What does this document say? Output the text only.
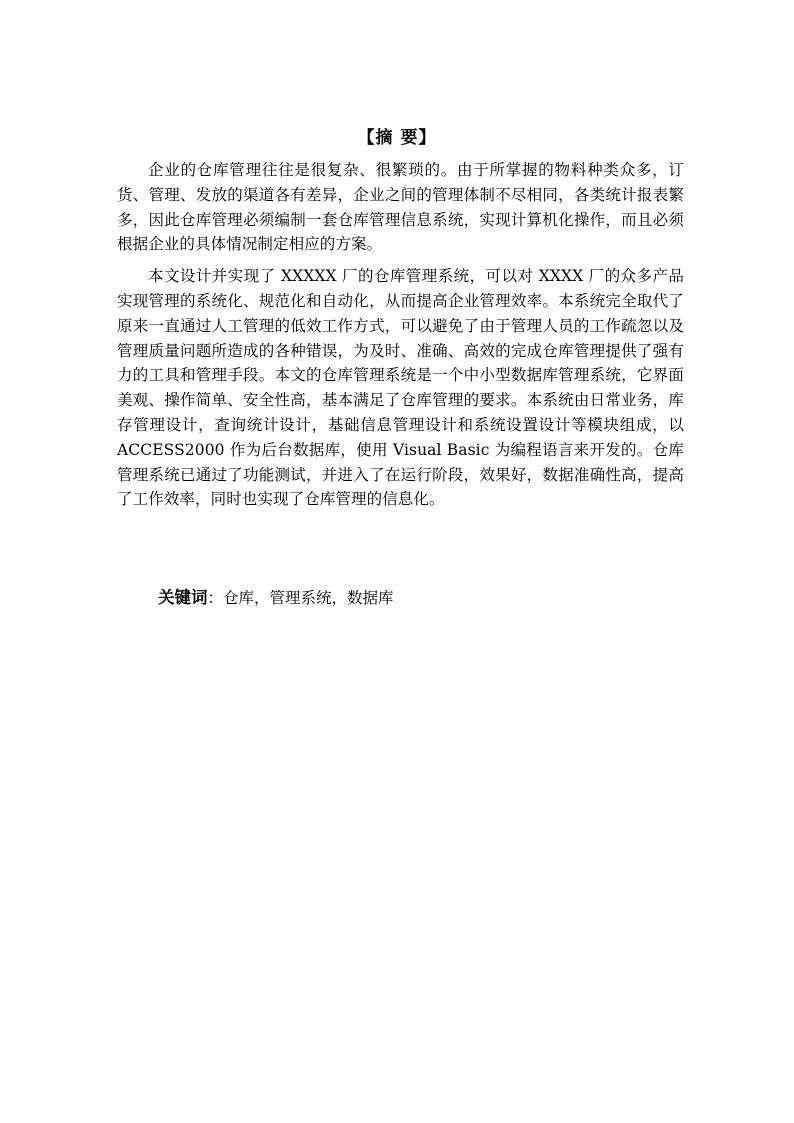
【摘 要】

企业的仓库管理往往是很复杂、很繁琐的。由于所掌握的物料种类众多，订货、管理、发放的渠道各有差异，企业之间的管理体制不尽相同，各类统计报表繁多，因此仓库管理必须编制一套仓库管理信息系统，实现计算机化操作，而且必须根据企业的具体情况制定相应的方案。

本文设计并实现了 XXXXX 厂的仓库管理系统，可以对 XXXX 厂的众多产品实现管理的系统化、规范化和自动化，从而提高企业管理效率。本系统完全取代了原来一直通过人工管理的低效工作方式，可以避免了由于管理人员的工作疏忽以及管理质量问题所造成的各种错误，为及时、准确、高效的完成仓库管理提供了强有力的工具和管理手段。本文的仓库管理系统是一个中小型数据库管理系统，它界面美观、操作简单、安全性高，基本满足了仓库管理的要求。本系统由日常业务，库存管理设计，查询统计设计，基础信息管理设计和系统设置设计等模块组成，以 ACCESS2000 作为后台数据库，使用 Visual Basic 为编程语言来开发的。仓库管理系统已通过了功能测试，并进入了在运行阶段，效果好，数据准确性高，提高了工作效率，同时也实现了仓库管理的信息化。

关键词：仓库，管理系统，数据库
